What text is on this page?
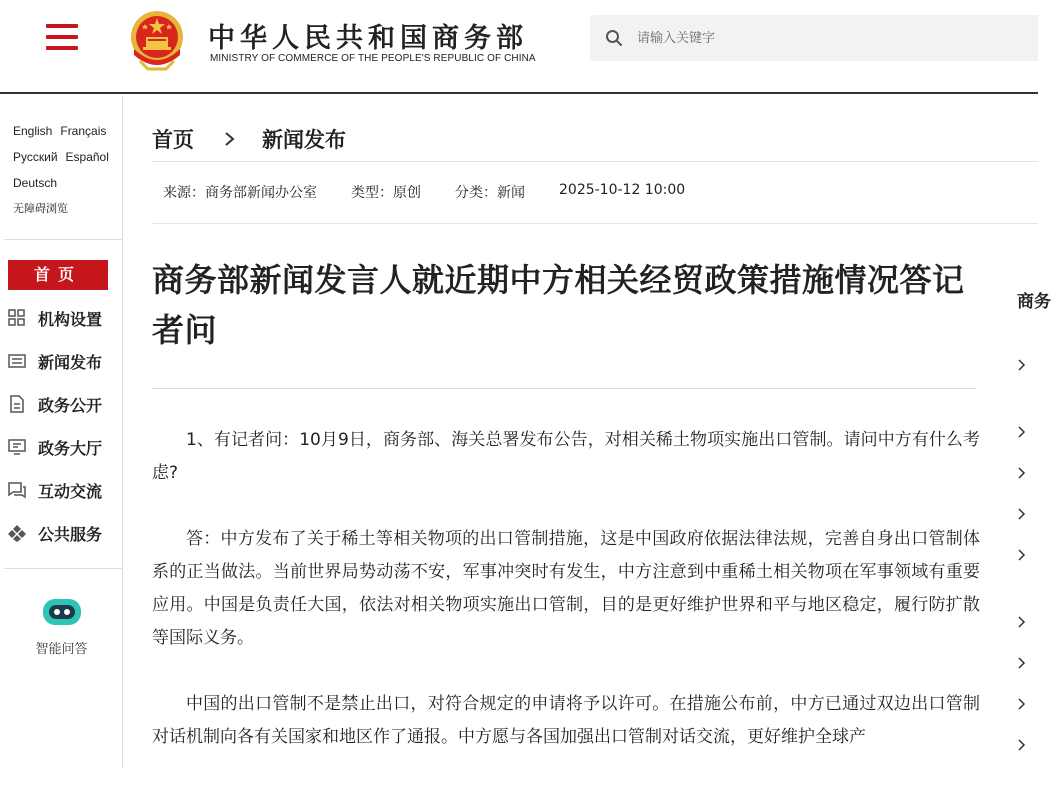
中华人民共和国商务部
MINISTRY OF COMMERCE OF THE PEOPLE'S REPUBLIC OF CHINA
请输入关键字
English Français
Русский Español
Deutsch
无障碍浏览
首页
机构设置
新闻发布
政务公开
政务大厅
互动交流
公共服务
智能问答
首页	新闻发布
来源：商务部新闻办公室 类型：原创 分类：新闻 2025-10-12 10:00
商务部新闻发言人就近期中方相关经贸政策措施情况答记者问

1、有记者问：10月9日，商务部、海关总署发布公告，对相关稀土物项实施出口管制。请问中方有什么考虑?

答：中方发布了关于稀土等相关物项的出口管制措施，这是中国政府依据法律法规，完善自身出口管制体系的正当做法。当前世界局势动荡不安，军事冲突时有发生，中方注意到中重稀土相关物项在军事领域有重要应用。中国是负责任大国，依法对相关物项实施出口管制，目的是更好维护世界和平与地区稳定，履行防扩散等国际义务。

中国的出口管制不是禁止出口，对符合规定的申请将予以许可。在措施公布前，中方已通过双边出口管制对话机制向各有关国家和地区作了通报。中方愿与各国加强出口管制对话交流，更好维护全球产

商务
